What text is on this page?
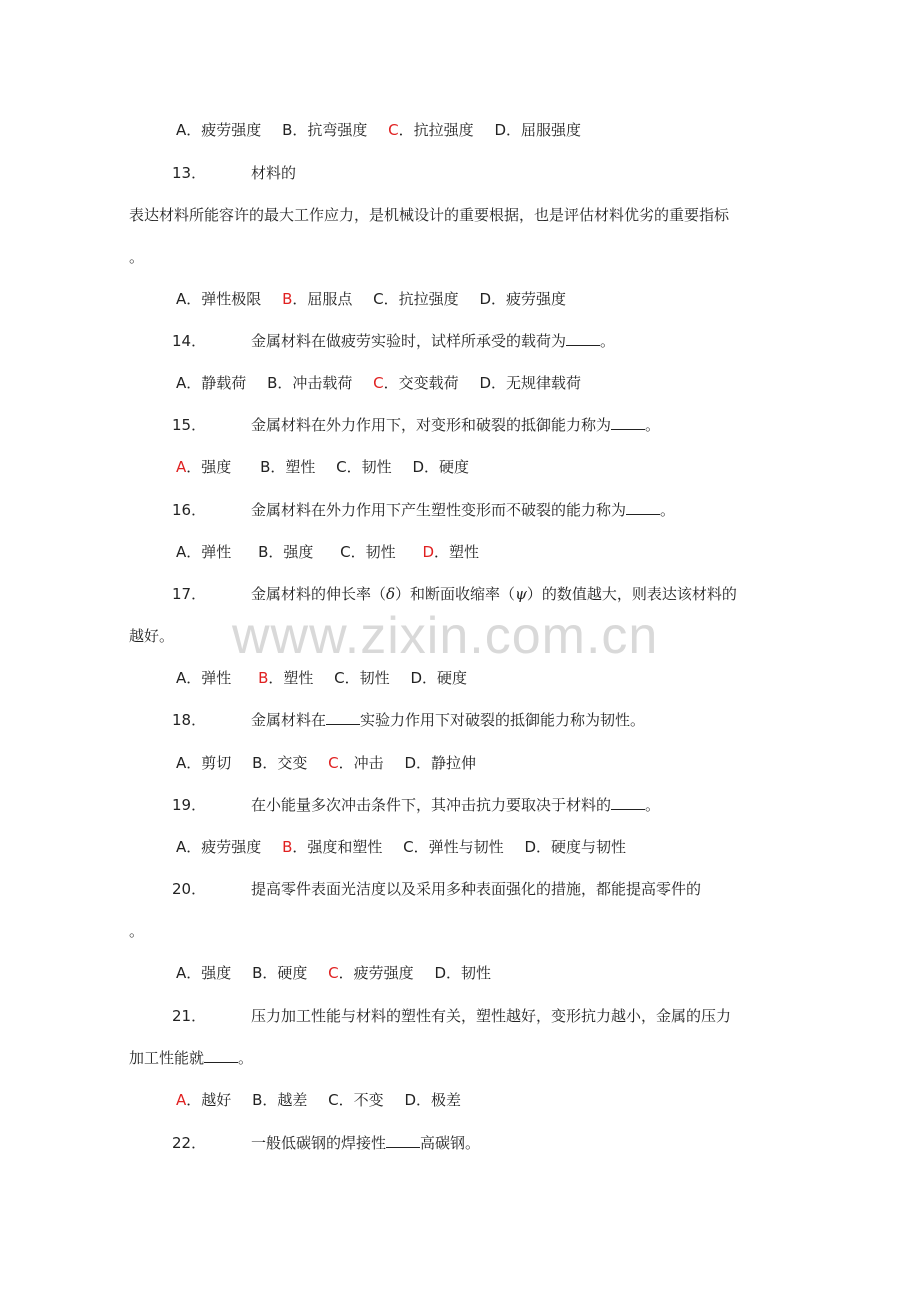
A．疲劳强度 B．抗弯强度 C．抗拉强度 D．屈服强度
13．	材料的
表达材料所能容许的最大工作应力，是机械设计的重要根据，也是评估材料优劣的重要指标
。
A．弹性极限 B．屈服点 C．抗拉强度 D．疲劳强度
14．	金属材料在做疲劳实验时，试样所承受的载荷为 。
A．静载荷 B．冲击载荷 C．交变载荷 D．无规律载荷
15．	金属材料在外力作用下，对变形和破裂的抵御能力称为 。
A．强度 B．塑性 C．韧性 D．硬度
16．	金属材料在外力作用下产生塑性变形而不破裂的能力称为 。
A．弹性 B．强度 C．韧性 D．塑性
17．	金属材料的伸长率（δ）和断面收缩率（ψ）的数值越大，则表达该材料的
越好。 www.zixin.com.cn
A．弹性 B．塑性 C．韧性 D．硬度
18．	金属材料在 实验力作用下对破裂的抵御能力称为韧性。
A．剪切 B．交变 C．冲击 D．静拉伸
19．	在小能量多次冲击条件下，其冲击抗力要取决于材料的 。
A．疲劳强度 B．强度和塑性 C．弹性与韧性 D．硬度与韧性
20．	提高零件表面光洁度以及采用多种表面强化的措施，都能提高零件的
。
A．强度 B．硬度 C．疲劳强度 D．韧性
21．	压力加工性能与材料的塑性有关，塑性越好，变形抗力越小，金属的压力
加工性能就 。
A．越好 B．越差 C．不变 D．极差
22．	一般低碳钢的焊接性 高碳钢。
